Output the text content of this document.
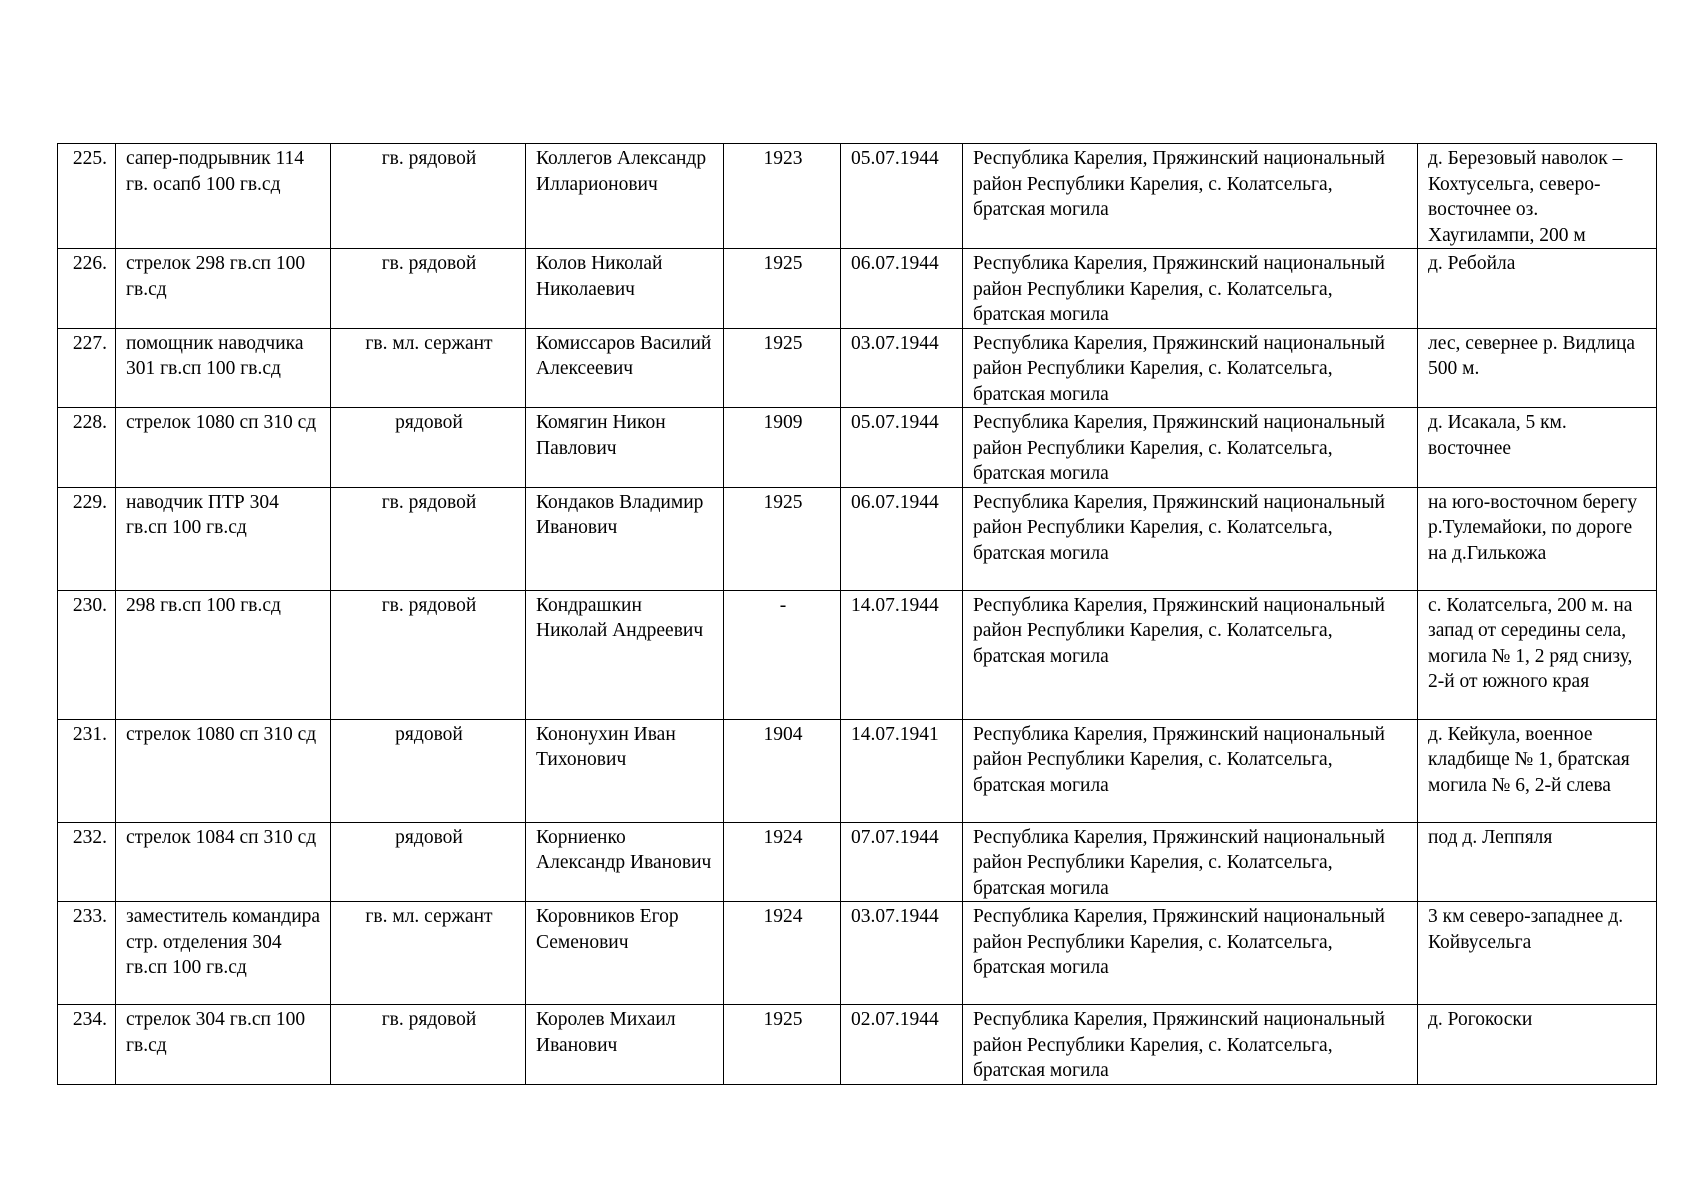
225.	сапер-подрывник 114 гв. осапб 100 гв.сд	гв. рядовой	Коллегов Александр Илларионович	1923	05.07.1944	Республика Карелия, Пряжинский национальный район Республики Карелия, с. Колатсельга, братская могила	д. Березовый наволок – Кохтусельга, северо-восточнее оз. Хаугилампи, 200 м
226.	стрелок 298 гв.сп 100 гв.сд	гв. рядовой	Колов Николай Николаевич	1925	06.07.1944	Республика Карелия, Пряжинский национальный район Республики Карелия, с. Колатсельга, братская могила	д. Ребойла
227.	помощник наводчика 301 гв.сп 100 гв.сд	гв. мл. сержант	Комиссаров Василий Алексеевич	1925	03.07.1944	Республика Карелия, Пряжинский национальный район Республики Карелия, с. Колатсельга, братская могила	лес, севернее р. Видлица 500 м.
228.	стрелок 1080 сп 310 сд	рядовой	Комягин Никон Павлович	1909	05.07.1944	Республика Карелия, Пряжинский национальный район Республики Карелия, с. Колатсельга, братская могила	д. Исакала, 5 км. восточнее
229.	наводчик ПТР 304 гв.сп 100 гв.сд	гв. рядовой	Кондаков Владимир Иванович	1925	06.07.1944	Республика Карелия, Пряжинский национальный район Республики Карелия, с. Колатсельга, братская могила	на юго-восточном берегу р.Тулемайоки, по дороге на д.Гилькожа
230.	298 гв.сп 100 гв.сд	гв. рядовой	Кондрашкин Николай Андреевич	-	14.07.1944	Республика Карелия, Пряжинский национальный район Республики Карелия, с. Колатсельга, братская могила	с. Колатсельга, 200 м. на запад от середины села, могила № 1, 2 ряд снизу, 2-й от южного края
231.	стрелок 1080 сп 310 сд	рядовой	Кононухин Иван Тихонович	1904	14.07.1941	Республика Карелия, Пряжинский национальный район Республики Карелия, с. Колатсельга, братская могила	д. Кейкула, военное кладбище № 1, братская могила № 6, 2-й слева
232.	стрелок 1084 сп 310 сд	рядовой	Корниенко Александр Иванович	1924	07.07.1944	Республика Карелия, Пряжинский национальный район Республики Карелия, с. Колатсельга, братская могила	под д. Леппяля
233.	заместитель командира стр. отделения 304 гв.сп 100 гв.сд	гв. мл. сержант	Коровников Егор Семенович	1924	03.07.1944	Республика Карелия, Пряжинский национальный район Республики Карелия, с. Колатсельга, братская могила	3 км северо-западнее д. Койвусельга
234.	стрелок 304 гв.сп 100 гв.сд	гв. рядовой	Королев Михаил Иванович	1925	02.07.1944	Республика Карелия, Пряжинский национальный район Республики Карелия, с. Колатсельга, братская могила	д. Рогокоски
